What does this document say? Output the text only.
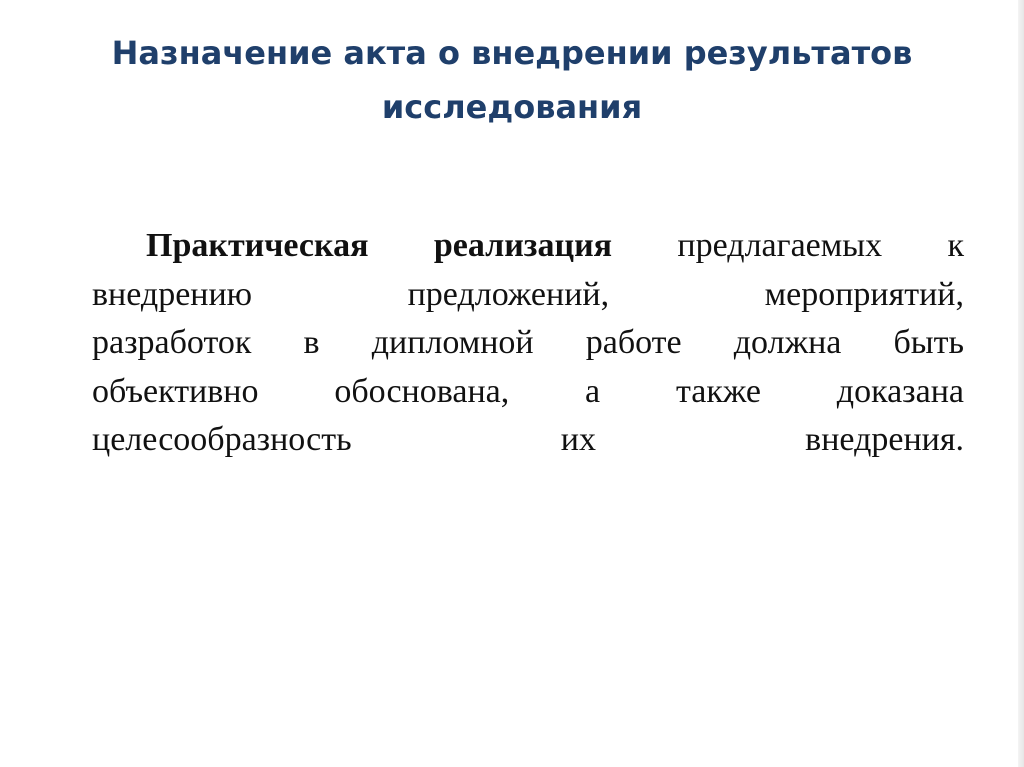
Назначение акта о внедрении результатов
исследования
Практическая реализация предлагаемых к
внедрению предложений, мероприятий,
разработок в дипломной работе должна быть
объективно обоснована, а также доказана
целесообразность их внедрения.
